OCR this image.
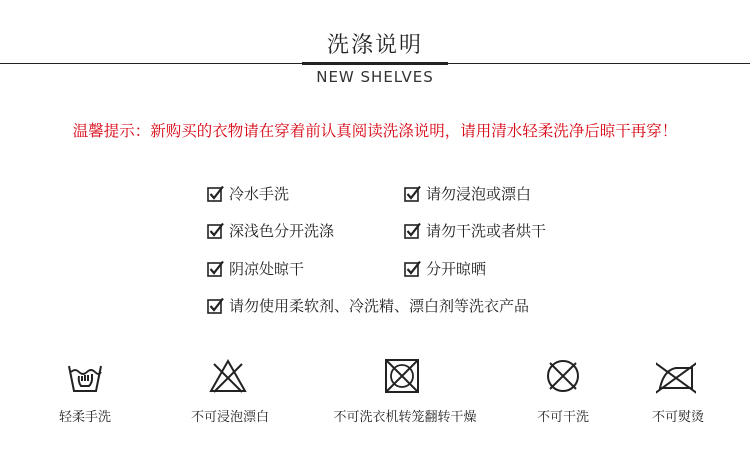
洗涤说明
NEW SHELVES
温馨提示：新购买的衣物请在穿着前认真阅读洗涤说明，请用清水轻柔洗净后晾干再穿！
冷水手洗	请勿浸泡或漂白
深浅色分开洗涤	请勿干洗或者烘干
阴凉处晾干	分开晾晒
请勿使用柔软剂、冷洗精、漂白剂等洗衣产品
轻柔手洗	不可浸泡漂白	不可洗衣机转笼翻转干燥	不可干洗	不可熨烫
